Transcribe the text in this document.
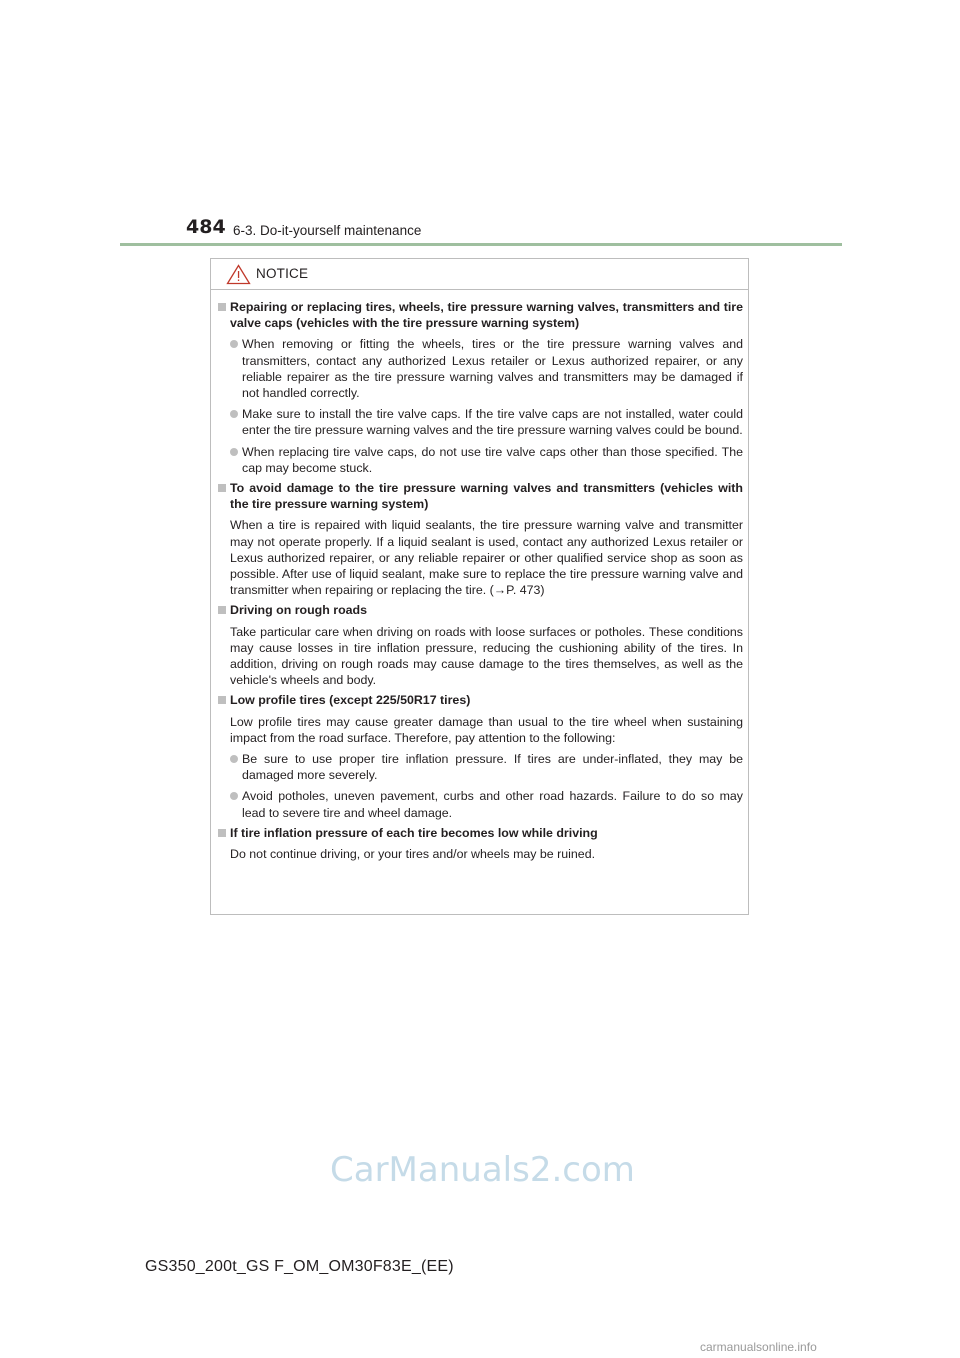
484 6-3. Do-it-yourself maintenance
NOTICE
Repairing or replacing tires, wheels, tire pressure warning valves, transmitters and tire valve caps (vehicles with the tire pressure warning system)
When removing or fitting the wheels, tires or the tire pressure warning valves and transmitters, contact any authorized Lexus retailer or Lexus authorized repairer, or any reliable repairer as the tire pressure warning valves and transmitters may be damaged if not handled correctly.
Make sure to install the tire valve caps. If the tire valve caps are not installed, water could enter the tire pressure warning valves and the tire pressure warning valves could be bound.
When replacing tire valve caps, do not use tire valve caps other than those specified. The cap may become stuck.
To avoid damage to the tire pressure warning valves and transmitters (vehicles with the tire pressure warning system)
When a tire is repaired with liquid sealants, the tire pressure warning valve and transmitter may not operate properly. If a liquid sealant is used, contact any authorized Lexus retailer or Lexus authorized repairer, or any reliable repairer or other qualified service shop as soon as possible. After use of liquid sealant, make sure to replace the tire pressure warning valve and transmitter when repairing or replacing the tire. (→P. 473)
Driving on rough roads
Take particular care when driving on roads with loose surfaces or potholes. These conditions may cause losses in tire inflation pressure, reducing the cushioning ability of the tires. In addition, driving on rough roads may cause damage to the tires themselves, as well as the vehicle's wheels and body.
Low profile tires (except 225/50R17 tires)
Low profile tires may cause greater damage than usual to the tire wheel when sustaining impact from the road surface. Therefore, pay attention to the following:
Be sure to use proper tire inflation pressure. If tires are under-inflated, they may be damaged more severely.
Avoid potholes, uneven pavement, curbs and other road hazards. Failure to do so may lead to severe tire and wheel damage.
If tire inflation pressure of each tire becomes low while driving
Do not continue driving, or your tires and/or wheels may be ruined.
CarManuals2.com
GS350_200t_GS F_OM_OM30F83E_(EE)
carmanualsonline.info
